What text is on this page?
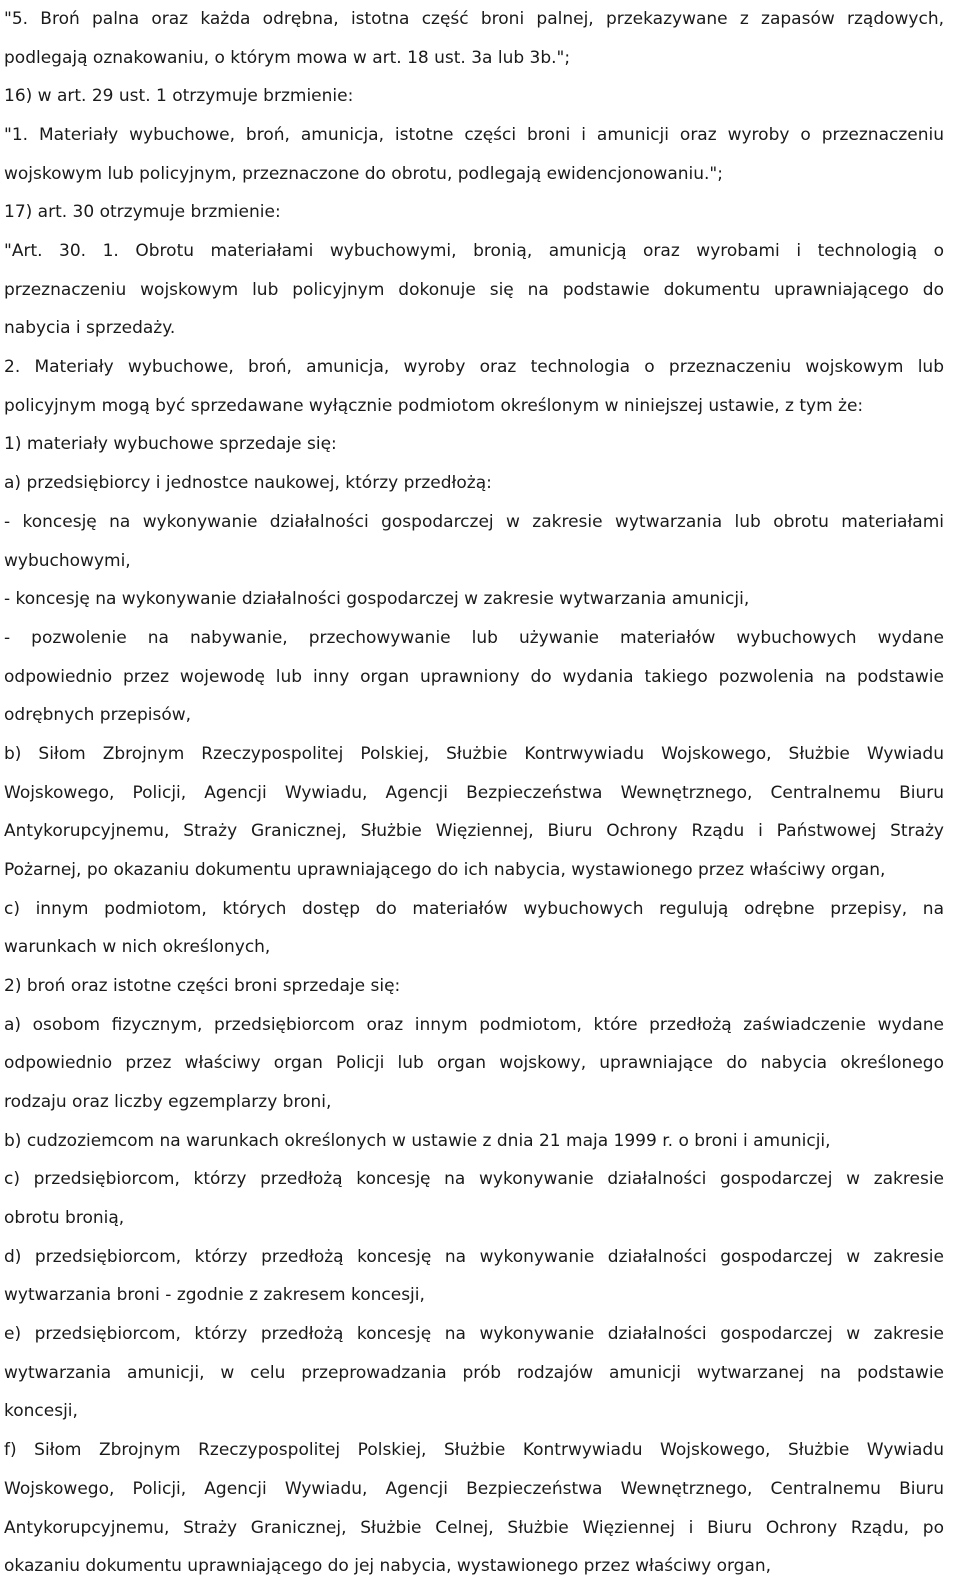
"5. Broń palna oraz każda odrębna, istotna część broni palnej, przekazywane z zapasów rządowych,
podlegają oznakowaniu, o którym mowa w art. 18 ust. 3a lub 3b.";
16) w art. 29 ust. 1 otrzymuje brzmienie:
"1. Materiały wybuchowe, broń, amunicja, istotne części broni i amunicji oraz wyroby o przeznaczeniu
wojskowym lub policyjnym, przeznaczone do obrotu, podlegają ewidencjonowaniu.";
17) art. 30 otrzymuje brzmienie:
"Art. 30. 1. Obrotu materiałami wybuchowymi, bronią, amunicją oraz wyrobami i technologią o
przeznaczeniu wojskowym lub policyjnym dokonuje się na podstawie dokumentu uprawniającego do
nabycia i sprzedaży.
2. Materiały wybuchowe, broń, amunicja, wyroby oraz technologia o przeznaczeniu wojskowym lub
policyjnym mogą być sprzedawane wyłącznie podmiotom określonym w niniejszej ustawie, z tym że:
1) materiały wybuchowe sprzedaje się:
a) przedsiębiorcy i jednostce naukowej, którzy przedłożą:
- koncesję na wykonywanie działalności gospodarczej w zakresie wytwarzania lub obrotu materiałami
wybuchowymi,
- koncesję na wykonywanie działalności gospodarczej w zakresie wytwarzania amunicji,
- pozwolenie na nabywanie, przechowywanie lub używanie materiałów wybuchowych wydane
odpowiednio przez wojewodę lub inny organ uprawniony do wydania takiego pozwolenia na podstawie
odrębnych przepisów,
b) Siłom Zbrojnym Rzeczypospolitej Polskiej, Służbie Kontrwywiadu Wojskowego, Służbie Wywiadu
Wojskowego, Policji, Agencji Wywiadu, Agencji Bezpieczeństwa Wewnętrznego, Centralnemu Biuru
Antykorupcyjnemu, Straży Granicznej, Służbie Więziennej, Biuru Ochrony Rządu i Państwowej Straży
Pożarnej, po okazaniu dokumentu uprawniającego do ich nabycia, wystawionego przez właściwy organ,
c) innym podmiotom, których dostęp do materiałów wybuchowych regulują odrębne przepisy, na
warunkach w nich określonych,
2) broń oraz istotne części broni sprzedaje się:
a) osobom fizycznym, przedsiębiorcom oraz innym podmiotom, które przedłożą zaświadczenie wydane
odpowiednio przez właściwy organ Policji lub organ wojskowy, uprawniające do nabycia określonego
rodzaju oraz liczby egzemplarzy broni,
b) cudzoziemcom na warunkach określonych w ustawie z dnia 21 maja 1999 r. o broni i amunicji,
c) przedsiębiorcom, którzy przedłożą koncesję na wykonywanie działalności gospodarczej w zakresie
obrotu bronią,
d) przedsiębiorcom, którzy przedłożą koncesję na wykonywanie działalności gospodarczej w zakresie
wytwarzania broni - zgodnie z zakresem koncesji,
e) przedsiębiorcom, którzy przedłożą koncesję na wykonywanie działalności gospodarczej w zakresie
wytwarzania amunicji, w celu przeprowadzania prób rodzajów amunicji wytwarzanej na podstawie
koncesji,
f) Siłom Zbrojnym Rzeczypospolitej Polskiej, Służbie Kontrwywiadu Wojskowego, Służbie Wywiadu
Wojskowego, Policji, Agencji Wywiadu, Agencji Bezpieczeństwa Wewnętrznego, Centralnemu Biuru
Antykorupcyjnemu, Straży Granicznej, Służbie Celnej, Służbie Więziennej i Biuru Ochrony Rządu, po
okazaniu dokumentu uprawniającego do jej nabycia, wystawionego przez właściwy organ,
